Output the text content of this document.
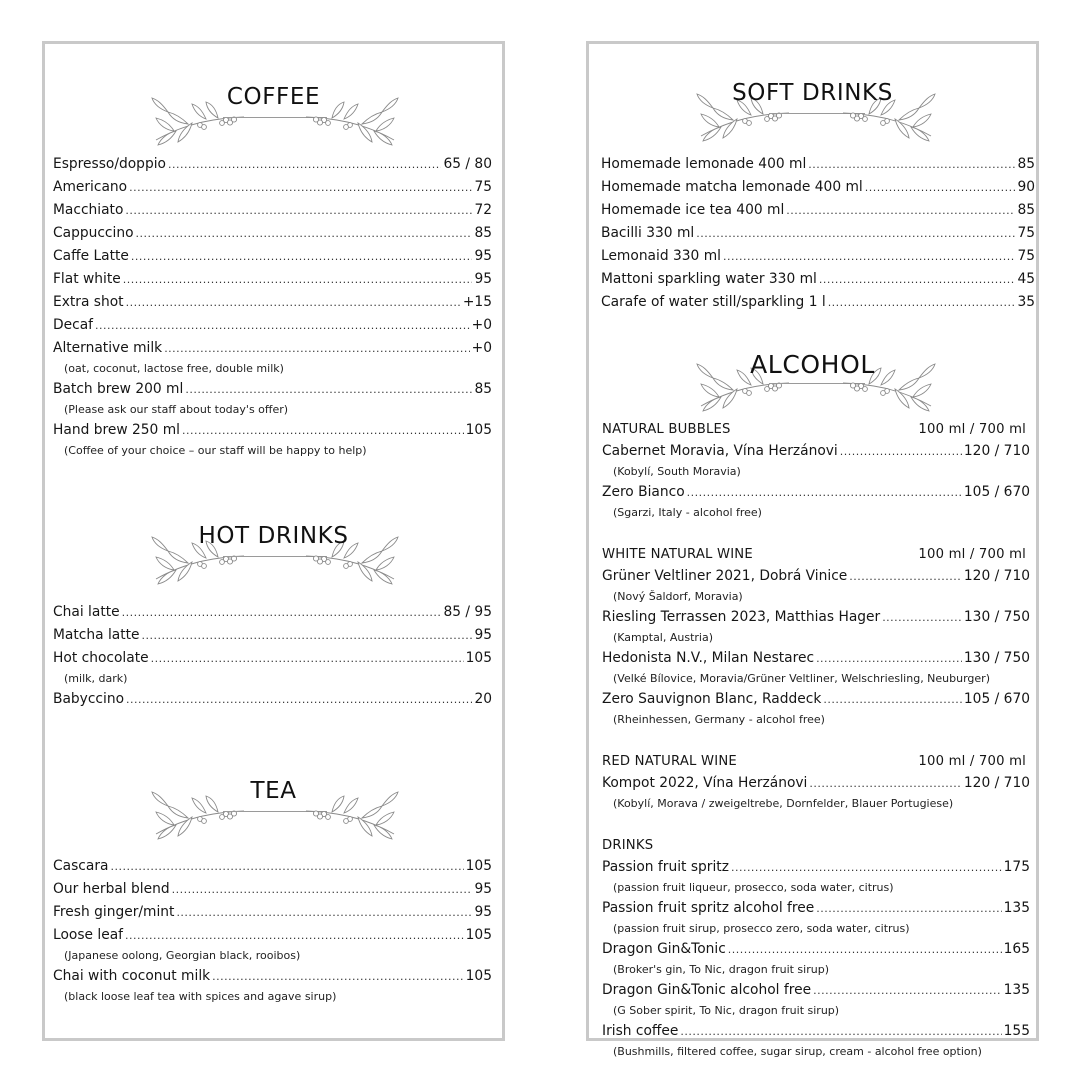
COFFEE
Espresso/doppio .....	65 / 80
Americano .....	75
Macchiato .....	72
Cappuccino .....	85
Caffe Latte .....	95
Flat white .....	95
Extra shot .....	+15
Decaf .....	+0
Alternative milk .....	+0
(oat, coconut, lactose free, double milk)
Batch brew 200 ml .....	85
(Please ask our staff about today's offer)
Hand brew 250 ml .....	105
(Coffee of your choice – our staff will be happy to help)
HOT DRINKS
Chai latte .....	85 / 95
Matcha latte .....	95
Hot chocolate .....	105
(milk, dark)
Babyccino .....	20
TEA
Cascara .....	105
Our herbal blend .....	95
Fresh ginger/mint .....	95
Loose leaf .....	105
(Japanese oolong, Georgian black, rooibos)
Chai with coconut milk .....	105
(black loose leaf tea with spices and agave sirup)
SOFT DRINKS
Homemade lemonade 400 ml .....	85
Homemade matcha lemonade 400 ml .....	90
Homemade ice tea 400 ml .....	85
Bacilli 330 ml .....	75
Lemonaid 330 ml .....	75
Mattoni sparkling water 330 ml .....	45
Carafe of water still/sparkling 1 l .....	35
ALCOHOL
NATURAL BUBBLES	100 ml / 700 ml
Cabernet Moravia, Vína Herzánovi .....	120 / 710
(Kobylí, South Moravia)
Zero Bianco .....	105 / 670
(Sgarzi, Italy - alcohol free)
WHITE NATURAL WINE	100 ml / 700 ml
Grüner Veltliner 2021, Dobrá Vinice .....	120 / 710
(Nový Šaldorf, Moravia)
Riesling Terrassen 2023, Matthias Hager .....	130 / 750
(Kamptal, Austria)
Hedonista N.V., Milan Nestarec .....	130 / 750
(Velké Bílovice, Moravia/Grüner Veltliner, Welschriesling, Neuburger)
Zero Sauvignon Blanc, Raddeck .....	105 / 670
(Rheinhessen, Germany - alcohol free)
RED NATURAL WINE	100 ml / 700 ml
Kompot 2022, Vína Herzánovi .....	120 / 710
(Kobylí, Morava / zweigeltrebe, Dornfelder, Blauer Portugiese)
DRINKS
Passion fruit spritz .....	175
(passion fruit liqueur, prosecco, soda water, citrus)
Passion fruit spritz alcohol free .....	135
(passion fruit sirup, prosecco zero, soda water, citrus)
Dragon Gin&Tonic .....	165
(Broker's gin, To Nic, dragon fruit sirup)
Dragon Gin&Tonic alcohol free .....	135
(G Sober spirit, To Nic, dragon fruit sirup)
Irish coffee .....	155
(Bushmills, filtered coffee, sugar sirup, cream - alcohol free option)
